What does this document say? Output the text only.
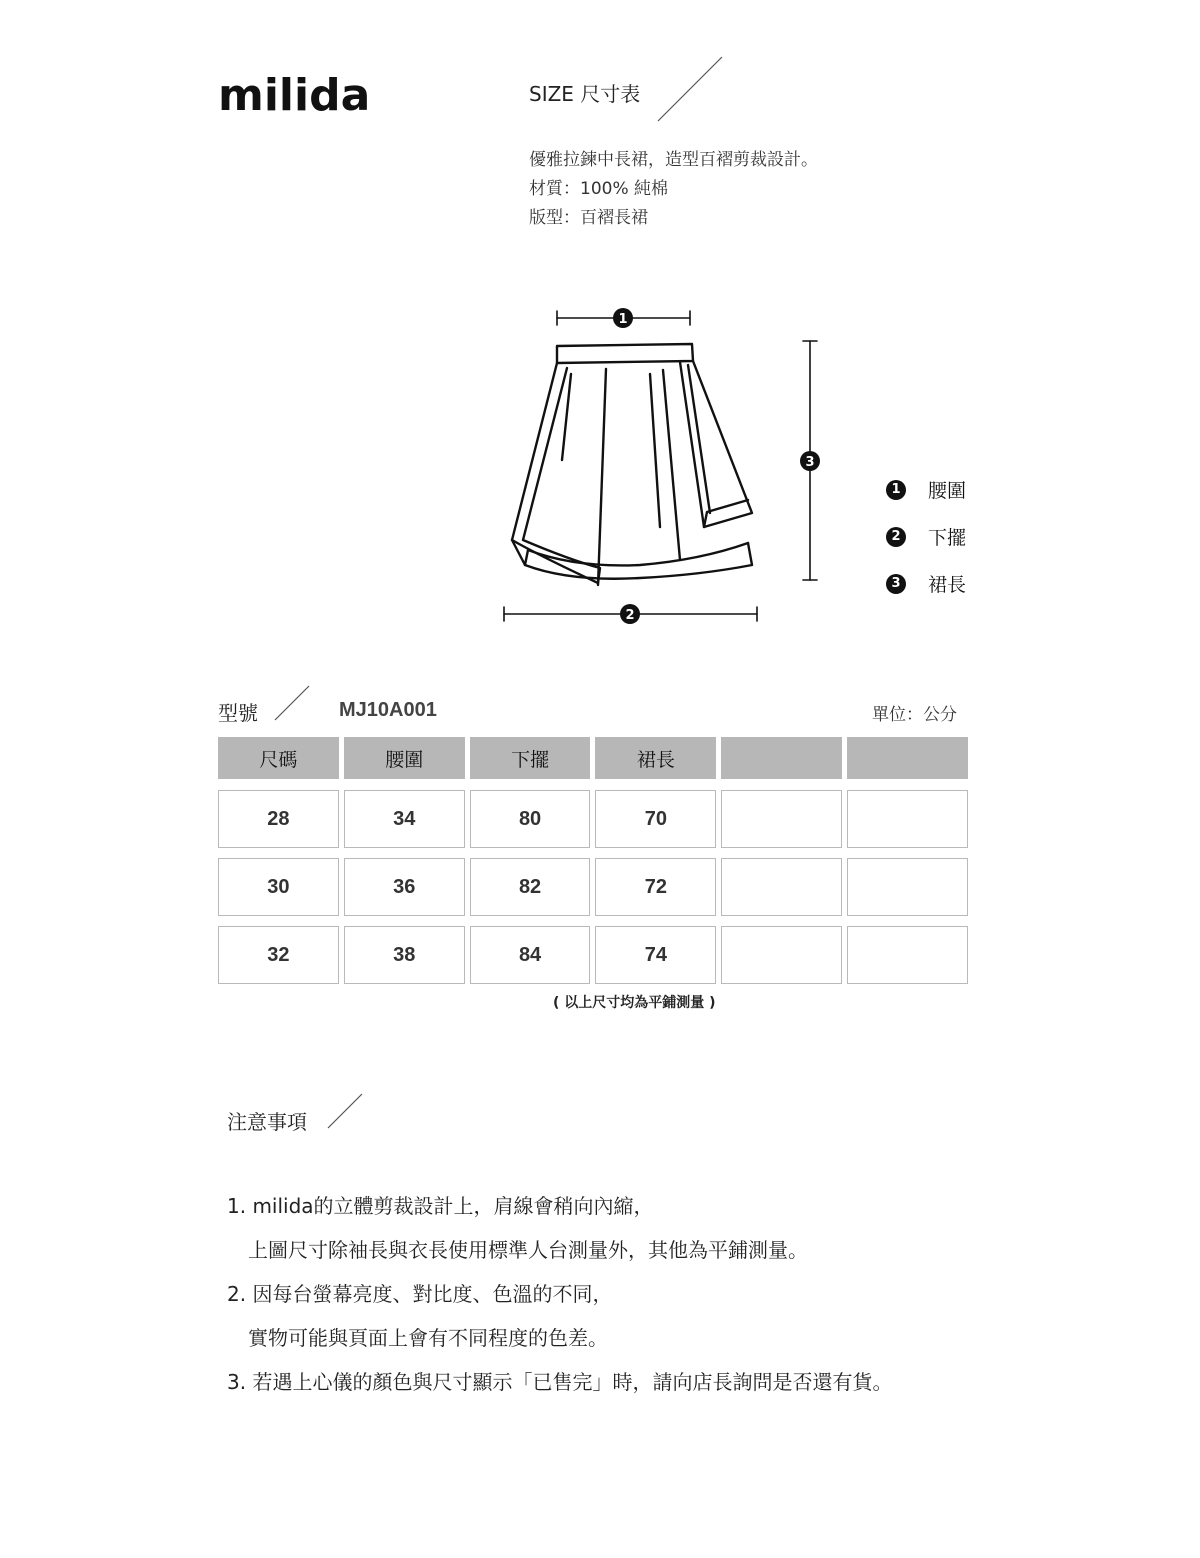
milida	SIZE 尺寸表
優雅拉鍊中長裙，造型百褶剪裁設計。
材質：100% 純棉
版型：百褶長裙
1
2
3
1 腰圍
2 下擺
3 裙長
型號	MJ10A001	單位：公分
尺碼	腰圍	下擺	裙長
28	34	80	70
30	36	82	72
32	38	84	74
( 以上尺寸均為平鋪測量 )
注意事項
1. milida的立體剪裁設計上，肩線會稍向內縮，
上圖尺寸除袖長與衣長使用標準人台測量外，其他為平鋪測量。
2. 因每台螢幕亮度、對比度、色溫的不同，
實物可能與頁面上會有不同程度的色差。
3. 若遇上心儀的顏色與尺寸顯示「已售完」時，請向店長詢問是否還有貨。
